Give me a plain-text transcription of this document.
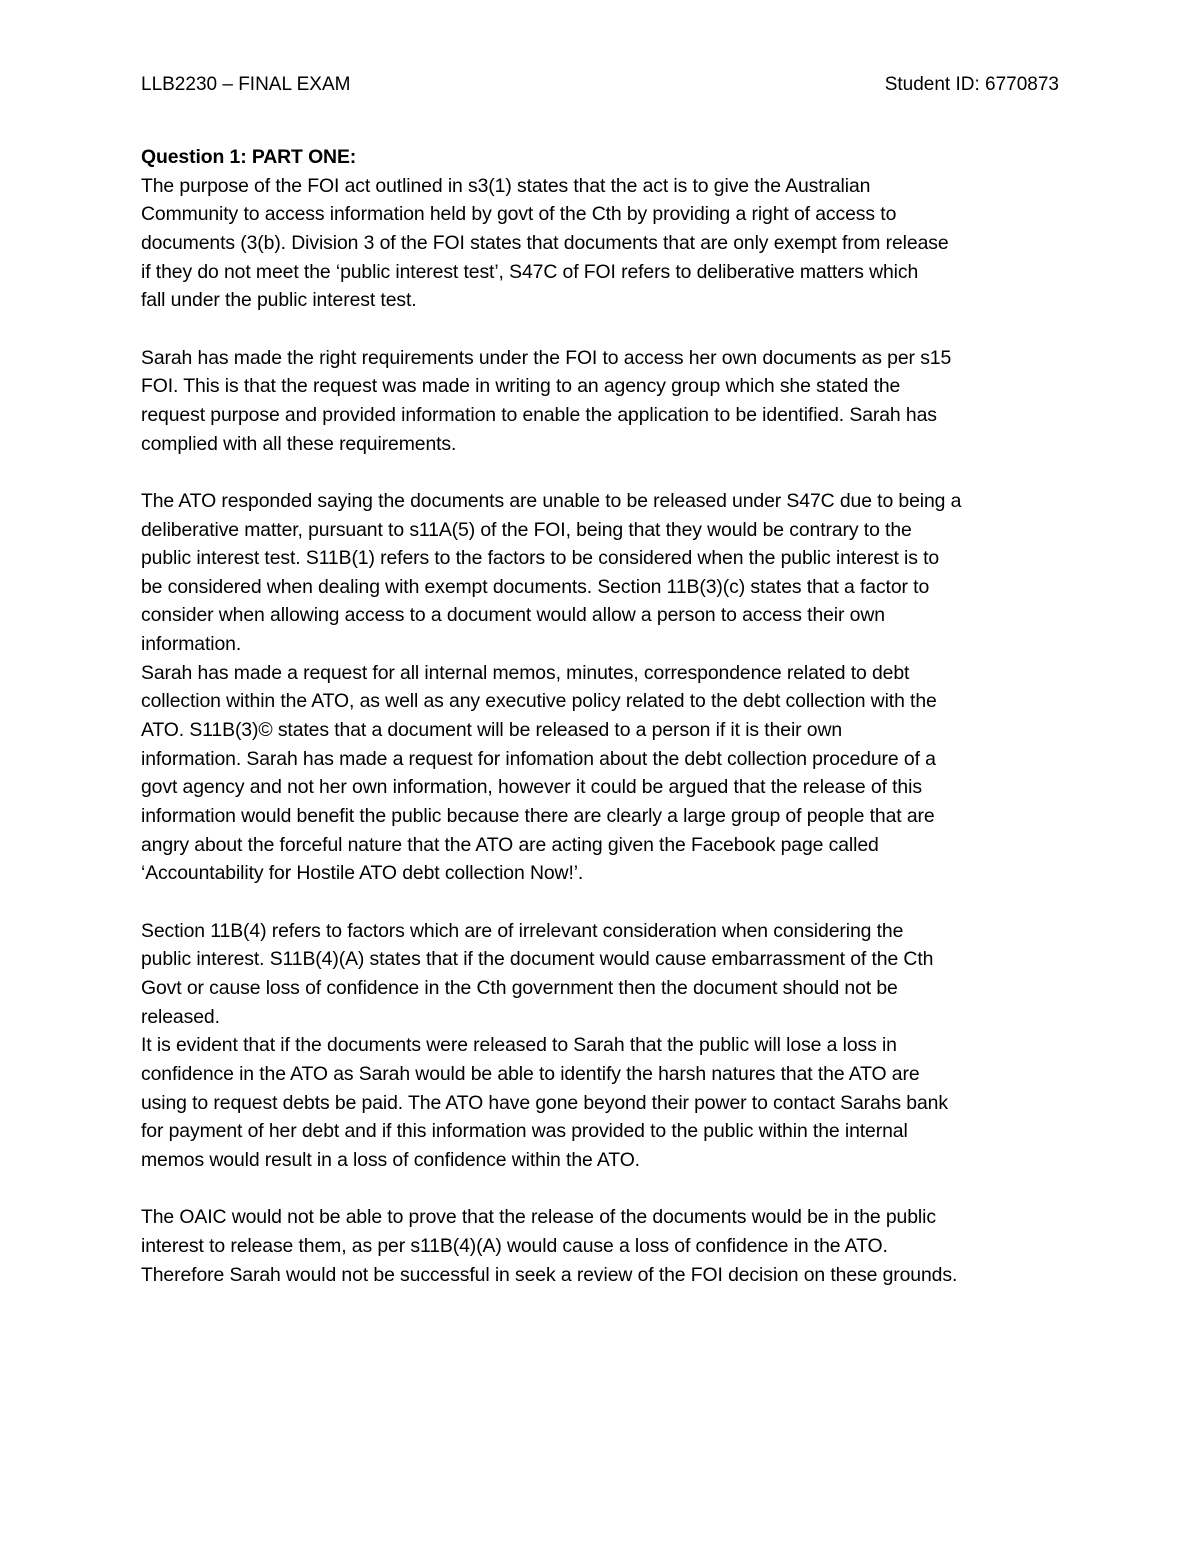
LLB2230 – FINAL EXAM	Student ID: 6770873

Question 1: PART ONE:

The purpose of the FOI act outlined in s3(1) states that the act is to give the Australian
Community to access information held by govt of the Cth by providing a right of access to
documents (3(b). Division 3 of the FOI states that documents that are only exempt from release
if they do not meet the ‘public interest test’, S47C of FOI refers to deliberative matters which
fall under the public interest test.
Sarah has made the right requirements under the FOI to access her own documents as per s15
FOI. This is that the request was made in writing to an agency group which she stated the
request purpose and provided information to enable the application to be identified. Sarah has
complied with all these requirements.
The ATO responded saying the documents are unable to be released under S47C due to being a
deliberative matter, pursuant to s11A(5) of the FOI, being that they would be contrary to the
public interest test. S11B(1) refers to the factors to be considered when the public interest is to
be considered when dealing with exempt documents. Section 11B(3)(c) states that a factor to
consider when allowing access to a document would allow a person to access their own
information.
Sarah has made a request for all internal memos, minutes, correspondence related to debt
collection within the ATO, as well as any executive policy related to the debt collection with the
ATO. S11B(3)© states that a document will be released to a person if it is their own
information. Sarah has made a request for infomation about the debt collection procedure of a
govt agency and not her own information, however it could be argued that the release of this
information would benefit the public because there are clearly a large group of people that are
angry about the forceful nature that the ATO are acting given the Facebook page called
‘Accountability for Hostile ATO debt collection Now!’.
Section 11B(4) refers to factors which are of irrelevant consideration when considering the
public interest. S11B(4)(A) states that if the document would cause embarrassment of the Cth
Govt or cause loss of confidence in the Cth government then the document should not be
released.
It is evident that if the documents were released to Sarah that the public will lose a loss in
confidence in the ATO as Sarah would be able to identify the harsh natures that the ATO are
using to request debts be paid. The ATO have gone beyond their power to contact Sarahs bank
for payment of her debt and if this information was provided to the public within the internal
memos would result in a loss of confidence within the ATO.
The OAIC would not be able to prove that the release of the documents would be in the public
interest to release them, as per s11B(4)(A) would cause a loss of confidence in the ATO.
Therefore Sarah would not be successful in seek a review of the FOI decision on these grounds.
